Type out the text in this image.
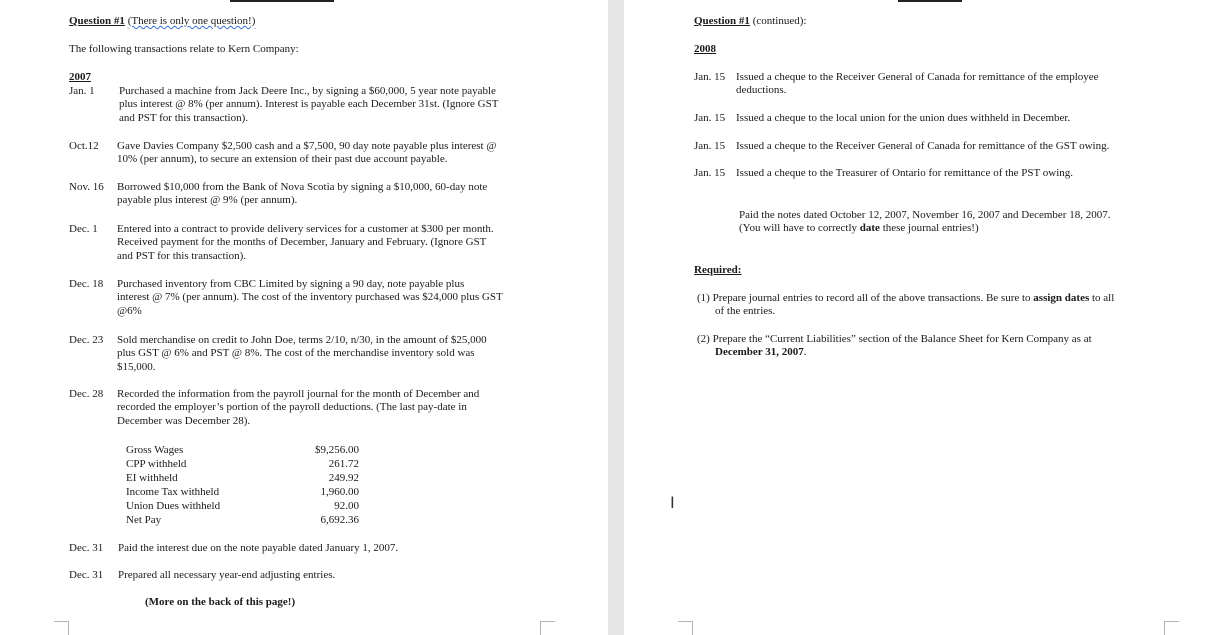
Question #1 (There is only one question!)
The following transactions relate to Kern Company:
2007
Jan. 1 Purchased a machine from Jack Deere Inc., by signing a $60,000, 5 year note payable
plus interest @ 8% (per annum). Interest is payable each December 31st. (Ignore GST
and PST for this transaction).
Oct.12 Gave Davies Company $2,500 cash and a $7,500, 90 day note payable plus interest @
10% (per annum), to secure an extension of their past due account payable.
Nov. 16 Borrowed $10,000 from the Bank of Nova Scotia by signing a $10,000, 60-day note
payable plus interest @ 9% (per annum).
Dec. 1 Entered into a contract to provide delivery services for a customer at $300 per month.
Received payment for the months of December, January and February. (Ignore GST
and PST for this transaction).
Dec. 18 Purchased inventory from CBC Limited by signing a 90 day, note payable plus
interest @ 7% (per annum). The cost of the inventory purchased was $24,000 plus GST
@6%
Dec. 23 Sold merchandise on credit to John Doe, terms 2/10, n/30, in the amount of $25,000
plus GST @ 6% and PST @ 8%. The cost of the merchandise inventory sold was
$15,000.
Dec. 28 Recorded the information from the payroll journal for the month of December and
recorded the employer’s portion of the payroll deductions. (The last pay-date in
December was December 28).
Gross Wages	$9,256.00
CPP withheld	261.72
EI withheld	249.92
Income Tax withheld	1,960.00
Union Dues withheld	92.00
Net Pay	6,692.36
Dec. 31 Paid the interest due on the note payable dated January 1, 2007.
Dec. 31 Prepared all necessary year-end adjusting entries.
(More on the back of this page!)
Question #1 (continued):
2008
Jan. 15 Issued a cheque to the Receiver General of Canada for remittance of the employee
deductions.
Jan. 15 Issued a cheque to the local union for the union dues withheld in December.
Jan. 15 Issued a cheque to the Receiver General of Canada for remittance of the GST owing.
Jan. 15 Issued a cheque to the Treasurer of Ontario for remittance of the PST owing.
Paid the notes dated October 12, 2007, November 16, 2007 and December 18, 2007.
(You will have to correctly date these journal entries!)
Required:
(1) Prepare journal entries to record all of the above transactions. Be sure to assign dates to all
of the entries.
(2) Prepare the “Current Liabilities” section of the Balance Sheet for Kern Company as at
December 31, 2007.
I
